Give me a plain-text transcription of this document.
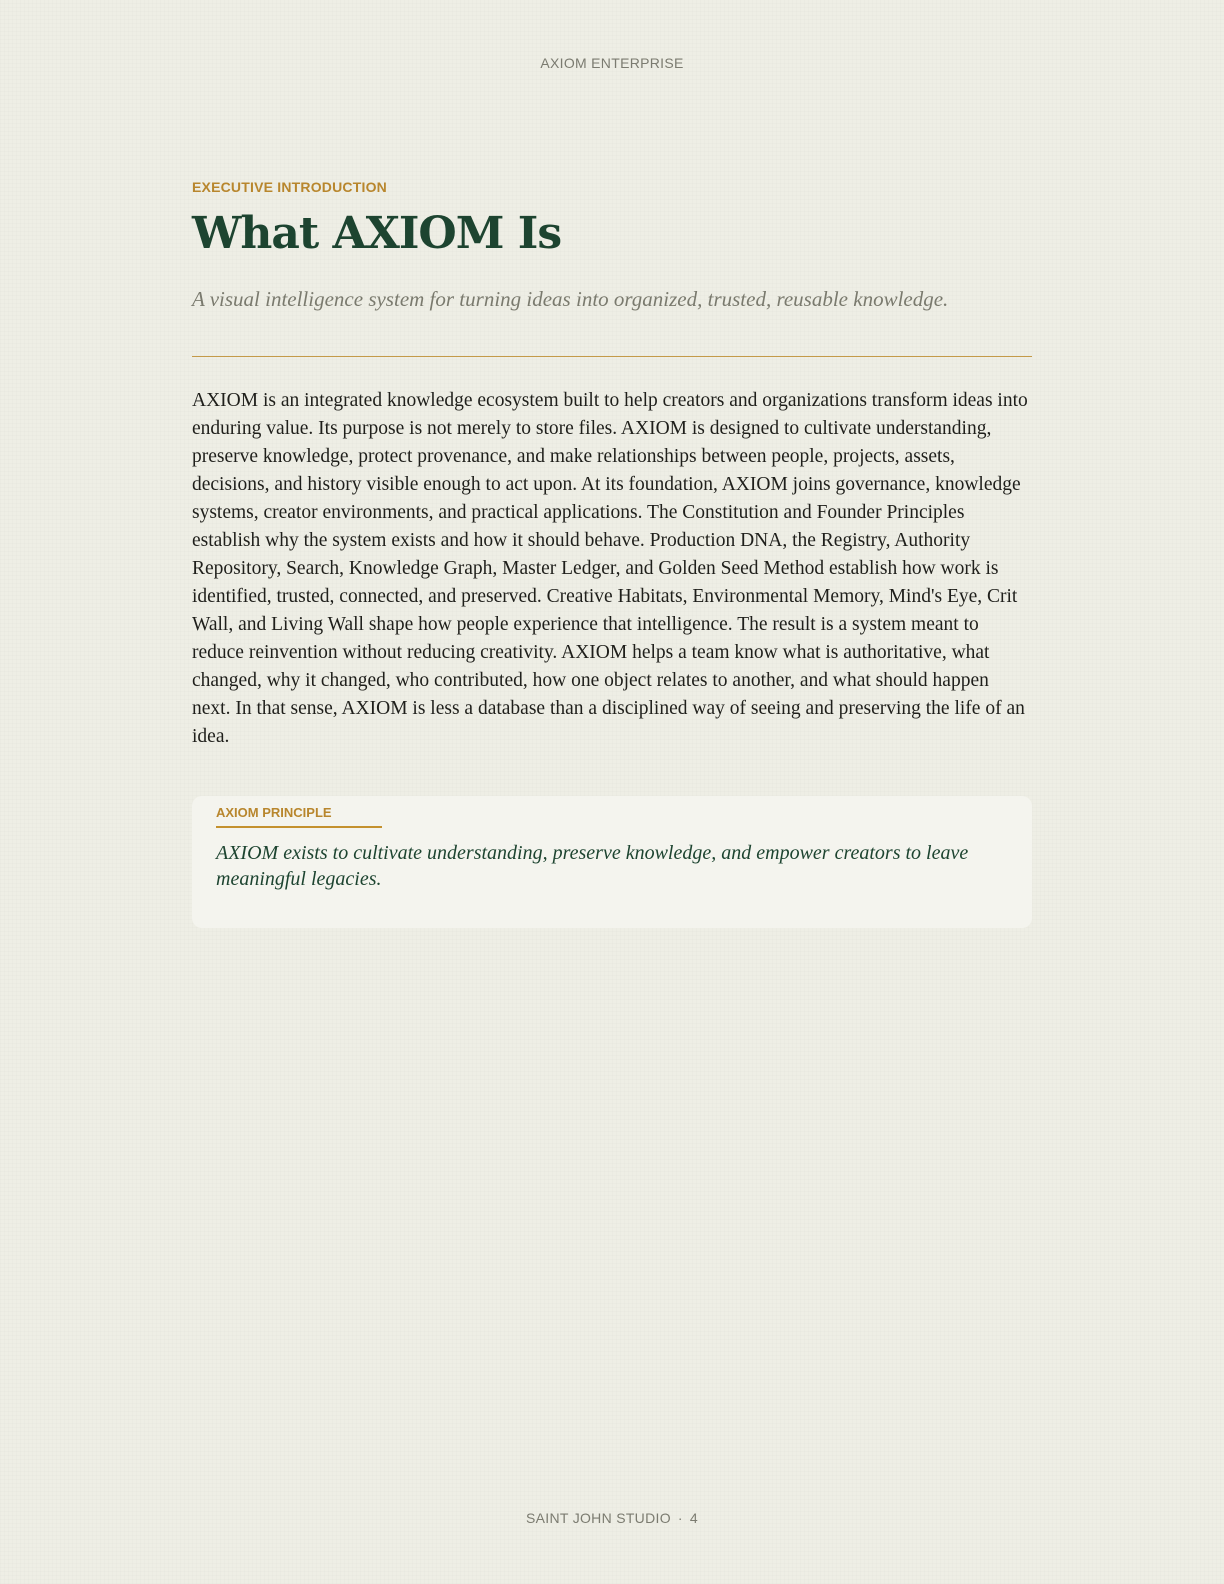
AXIOM ENTERPRISE

EXECUTIVE INTRODUCTION

What AXIOM Is

A visual intelligence system for turning ideas into organized, trusted, reusable knowledge.

AXIOM is an integrated knowledge ecosystem built to help creators and organizations transform ideas into enduring value. Its purpose is not merely to store files. AXIOM is designed to cultivate understanding, preserve knowledge, protect provenance, and make relationships between people, projects, assets, decisions, and history visible enough to act upon. At its foundation, AXIOM joins governance, knowledge systems, creator environments, and practical applications. The Constitution and Founder Principles establish why the system exists and how it should behave. Production DNA, the Registry, Authority Repository, Search, Knowledge Graph, Master Ledger, and Golden Seed Method establish how work is identified, trusted, connected, and preserved. Creative Habitats, Environmental Memory, Mind's Eye, Crit Wall, and Living Wall shape how people experience that intelligence. The result is a system meant to reduce reinvention without reducing creativity. AXIOM helps a team know what is authoritative, what changed, why it changed, who contributed, how one object relates to another, and what should happen next. In that sense, AXIOM is less a database than a disciplined way of seeing and preserving the life of an idea.

AXIOM PRINCIPLE

AXIOM exists to cultivate understanding, preserve knowledge, and empower creators to leave meaningful legacies.

SAINT JOHN STUDIO · 4
